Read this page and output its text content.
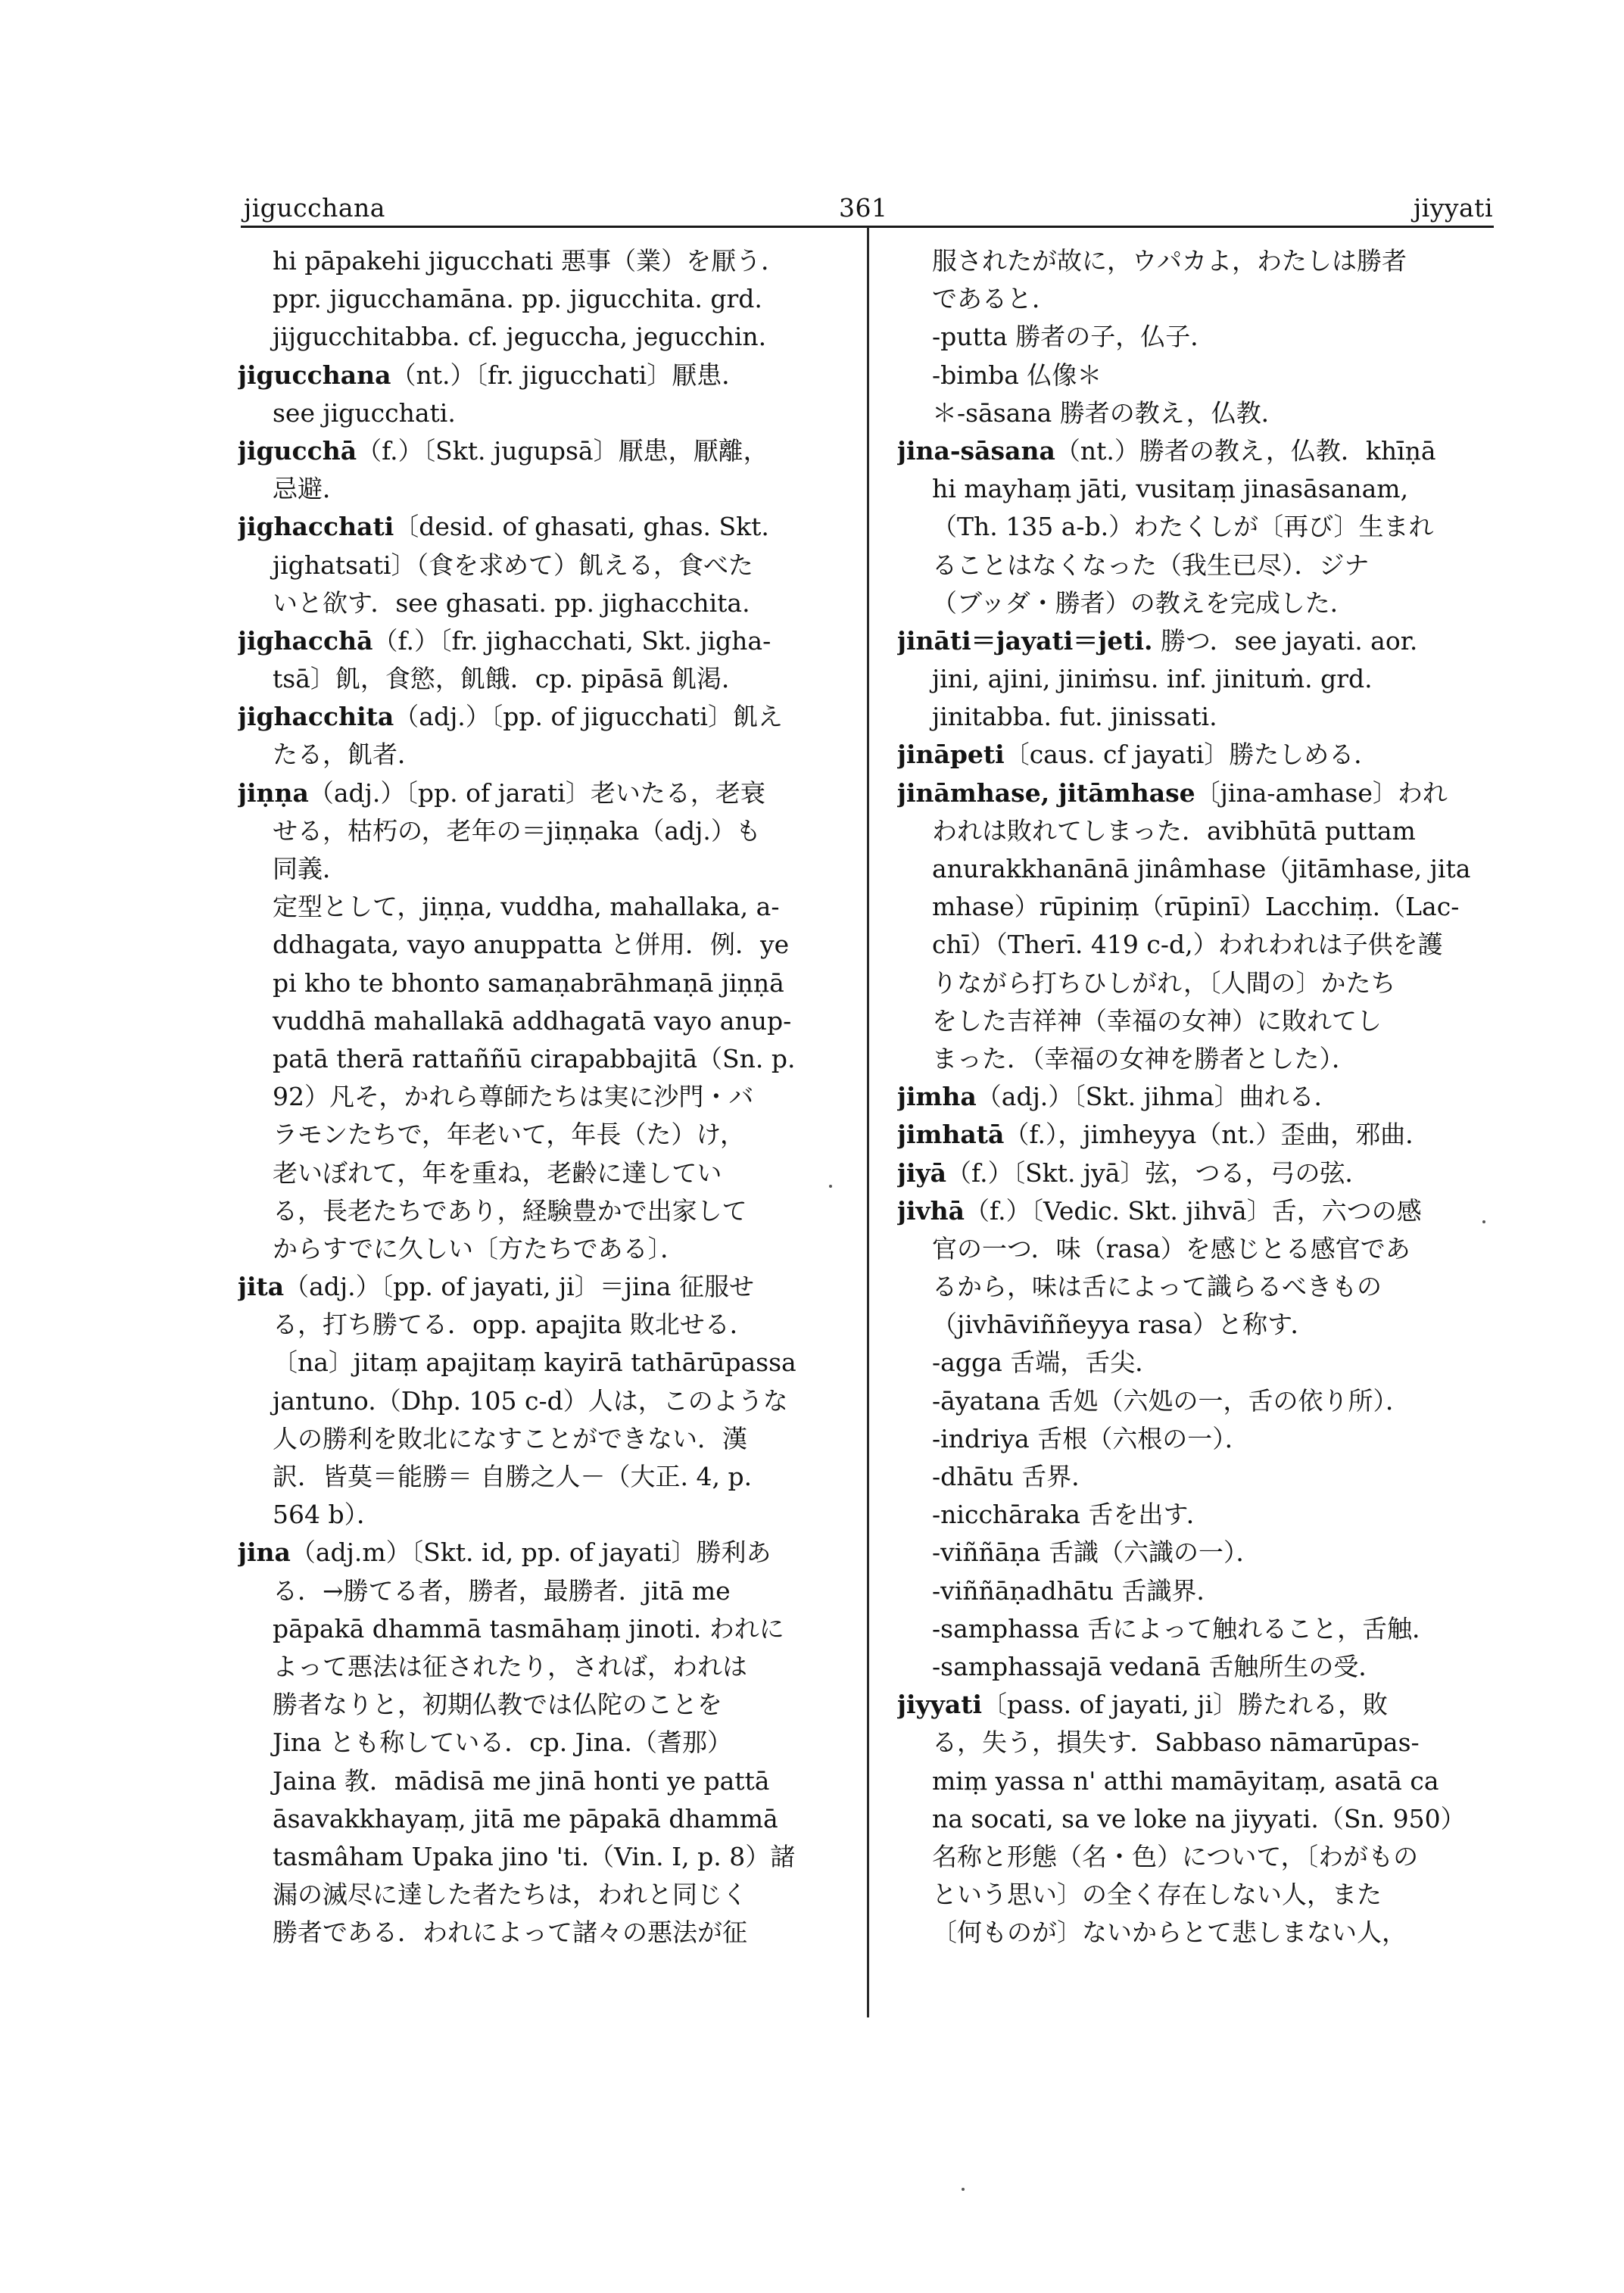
jigucchana	361	jiyyati
hi pāpakehi jigucchati 悪事（業）を厭う．
ppr. jigucchamāna. pp. jigucchita. grd.
jijgucchitabba. cf. jeguccha, jegucchin.
jigucchana（nt.）〔fr. jigucchati〕厭患．
see jigucchati.
jigucchā（f.）〔Skt. jugupsā〕厭患，厭離，
忌避．
jighacchati〔desid. of ghasati, ghas. Skt.
jighatsati〕（食を求めて）飢える，食べた
いと欲す．see ghasati. pp. jighacchita.
jighacchā（f.）〔fr. jighacchati, Skt. jigha-
tsā〕飢，食慾，飢餓．cp. pipāsā 飢渇．
jighacchita（adj.）〔pp. of jigucchati〕飢え
たる，飢者．
jiṇṇa（adj.）〔pp. of jarati〕老いたる，老衰
せる，枯朽の，老年の＝jiṇṇaka（adj.）も
同義．
定型として，jiṇṇa, vuddha, mahallaka, a-
ddhagata, vayo anuppatta と併用．例．ye
pi kho te bhonto samaṇabrāhmaṇā jiṇṇā
vuddhā mahallakā addhagatā vayo anup-
patā therā rattaññū cirapabbajitā（Sn. p.
92）凡そ，かれら尊師たちは実に沙門・バ
ラモンたちで，年老いて，年長（た）け，
老いぼれて，年を重ね，老齢に達してい
る，長老たちであり，経験豊かで出家して
からすでに久しい〔方たちである〕．
jita（adj.）〔pp. of jayati, ji〕＝jina 征服せ
る，打ち勝てる．opp. apajita 敗北せる．
〔na〕jitaṃ apajitaṃ kayirā tathārūpassa
jantuno.（Dhp. 105 c-d）人は，このような
人の勝利を敗北になすことができない．漢
訳．皆莫＝能勝＝ 自勝之人－（大正. 4, p.
564 b）．
jina（adj.m）〔Skt. id, pp. of jayati〕勝利あ
る．→勝てる者，勝者，最勝者．jitā me
pāpakā dhammā tasmāhaṃ jinoti. われに
よって悪法は征されたり，されば，われは
勝者なりと，初期仏教では仏陀のことを
Jina とも称している．cp. Jina.（耆那）
Jaina 教．mādisā me jinā honti ye pattā
āsavakkhayaṃ, jitā me pāpakā dhammā
tasmâham Upaka jino 'ti.（Vin. I, p. 8）諸
漏の滅尽に達した者たちは，われと同じく
勝者である．われによって諸々の悪法が征
服されたが故に，ウパカよ，わたしは勝者
であると．
-putta 勝者の子，仏子．
-bimba 仏像＊
＊-sāsana 勝者の教え，仏教．
jina-sāsana（nt.）勝者の教え，仏教．khīṇā
hi mayhaṃ jāti, vusitaṃ jinasāsanam,
（Th. 135 a-b.）わたくしが〔再び〕生まれ
ることはなくなった（我生已尽）．ジナ
（ブッダ・勝者）の教えを完成した．
jināti＝jayati＝jeti. 勝つ．see jayati. aor.
jini, ajini, jiniṁsu. inf. jinituṁ. grd.
jinitabba. fut. jinissati.
jināpeti〔caus. cf jayati〕勝たしめる．
jināmhase, jitāmhase〔jina-amhase〕われ
われは敗れてしまった．avibhūtā puttam
anurakkhanānā jinâmhase（jitāmhase, jita
mhase）rūpiniṃ（rūpinī）Lacchiṃ.（Lac-
chī）（Therī. 419 c-d,）われわれは子供を護
りながら打ちひしがれ，〔人間の〕かたち
をした吉祥神（幸福の女神）に敗れてし
まった．（幸福の女神を勝者とした）．
jimha（adj.）〔Skt. jihma〕曲れる．
jimhatā（f.），jimheyya（nt.）歪曲，邪曲．
jiyā（f.）〔Skt. jyā〕弦，つる，弓の弦．
jivhā（f.）〔Vedic. Skt. jihvā〕舌，六つの感
官の一つ．味（rasa）を感じとる感官であ
るから，味は舌によって識らるべきもの
（jivhāviññeyya rasa）と称す．
-agga 舌端，舌尖．
-āyatana 舌処（六処の一，舌の依り所）．
-indriya 舌根（六根の一）．
-dhātu 舌界．
-nicchāraka 舌を出す．
-viññāṇa 舌識（六識の一）．
-viññāṇadhātu 舌識界．
-samphassa 舌によって触れること，舌触．
-samphassajā vedanā 舌触所生の受．
jiyyati〔pass. of jayati, ji〕勝たれる，敗
る，失う，損失す．Sabbaso nāmarūpas-
miṃ yassa n' atthi mamāyitaṃ, asatā ca
na socati, sa ve loke na jiyyati.（Sn. 950）
名称と形態（名・色）について，〔わがもの
という思い〕の全く存在しない人，また
〔何ものが〕ないからとて悲しまない人，
